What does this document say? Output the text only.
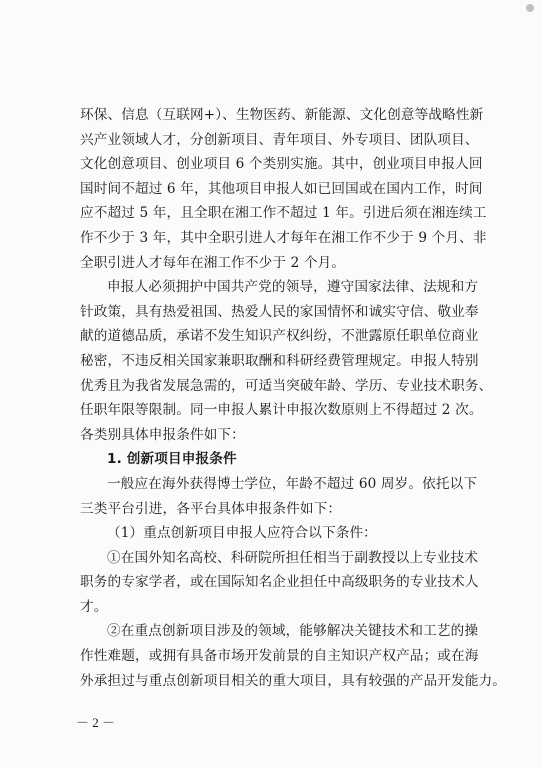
环保、信息（互联网+）、生物医药、新能源、文化创意等战略性新
兴产业领域人才，分创新项目、青年项目、外专项目、团队项目、
文化创意项目、创业项目 6 个类别实施。其中，创业项目申报人回
国时间不超过 6 年，其他项目申报人如已回国或在国内工作，时间
应不超过 5 年，且全职在湘工作不超过 1 年。引进后须在湘连续工
作不少于 3 年，其中全职引进人才每年在湘工作不少于 9 个月、非
全职引进人才每年在湘工作不少于 2 个月。
申报人必须拥护中国共产党的领导，遵守国家法律、法规和方
针政策，具有热爱祖国、热爱人民的家国情怀和诚实守信、敬业奉
献的道德品质，承诺不发生知识产权纠纷，不泄露原任职单位商业
秘密，不违反相关国家兼职取酬和科研经费管理规定。申报人特别
优秀且为我省发展急需的，可适当突破年龄、学历、专业技术职务、
任职年限等限制。同一申报人累计申报次数原则上不得超过 2 次。
各类别具体申报条件如下：
1. 创新项目申报条件
一般应在海外获得博士学位，年龄不超过 60 周岁。依托以下
三类平台引进，各平台具体申报条件如下：
（1）重点创新项目申报人应符合以下条件：
①在国外知名高校、科研院所担任相当于副教授以上专业技术
职务的专家学者，或在国际知名企业担任中高级职务的专业技术人
才。
②在重点创新项目涉及的领域，能够解决关键技术和工艺的操
作性难题，或拥有具备市场开发前景的自主知识产权产品；或在海
外承担过与重点创新项目相关的重大项目，具有较强的产品开发能力。
－ 2 －
